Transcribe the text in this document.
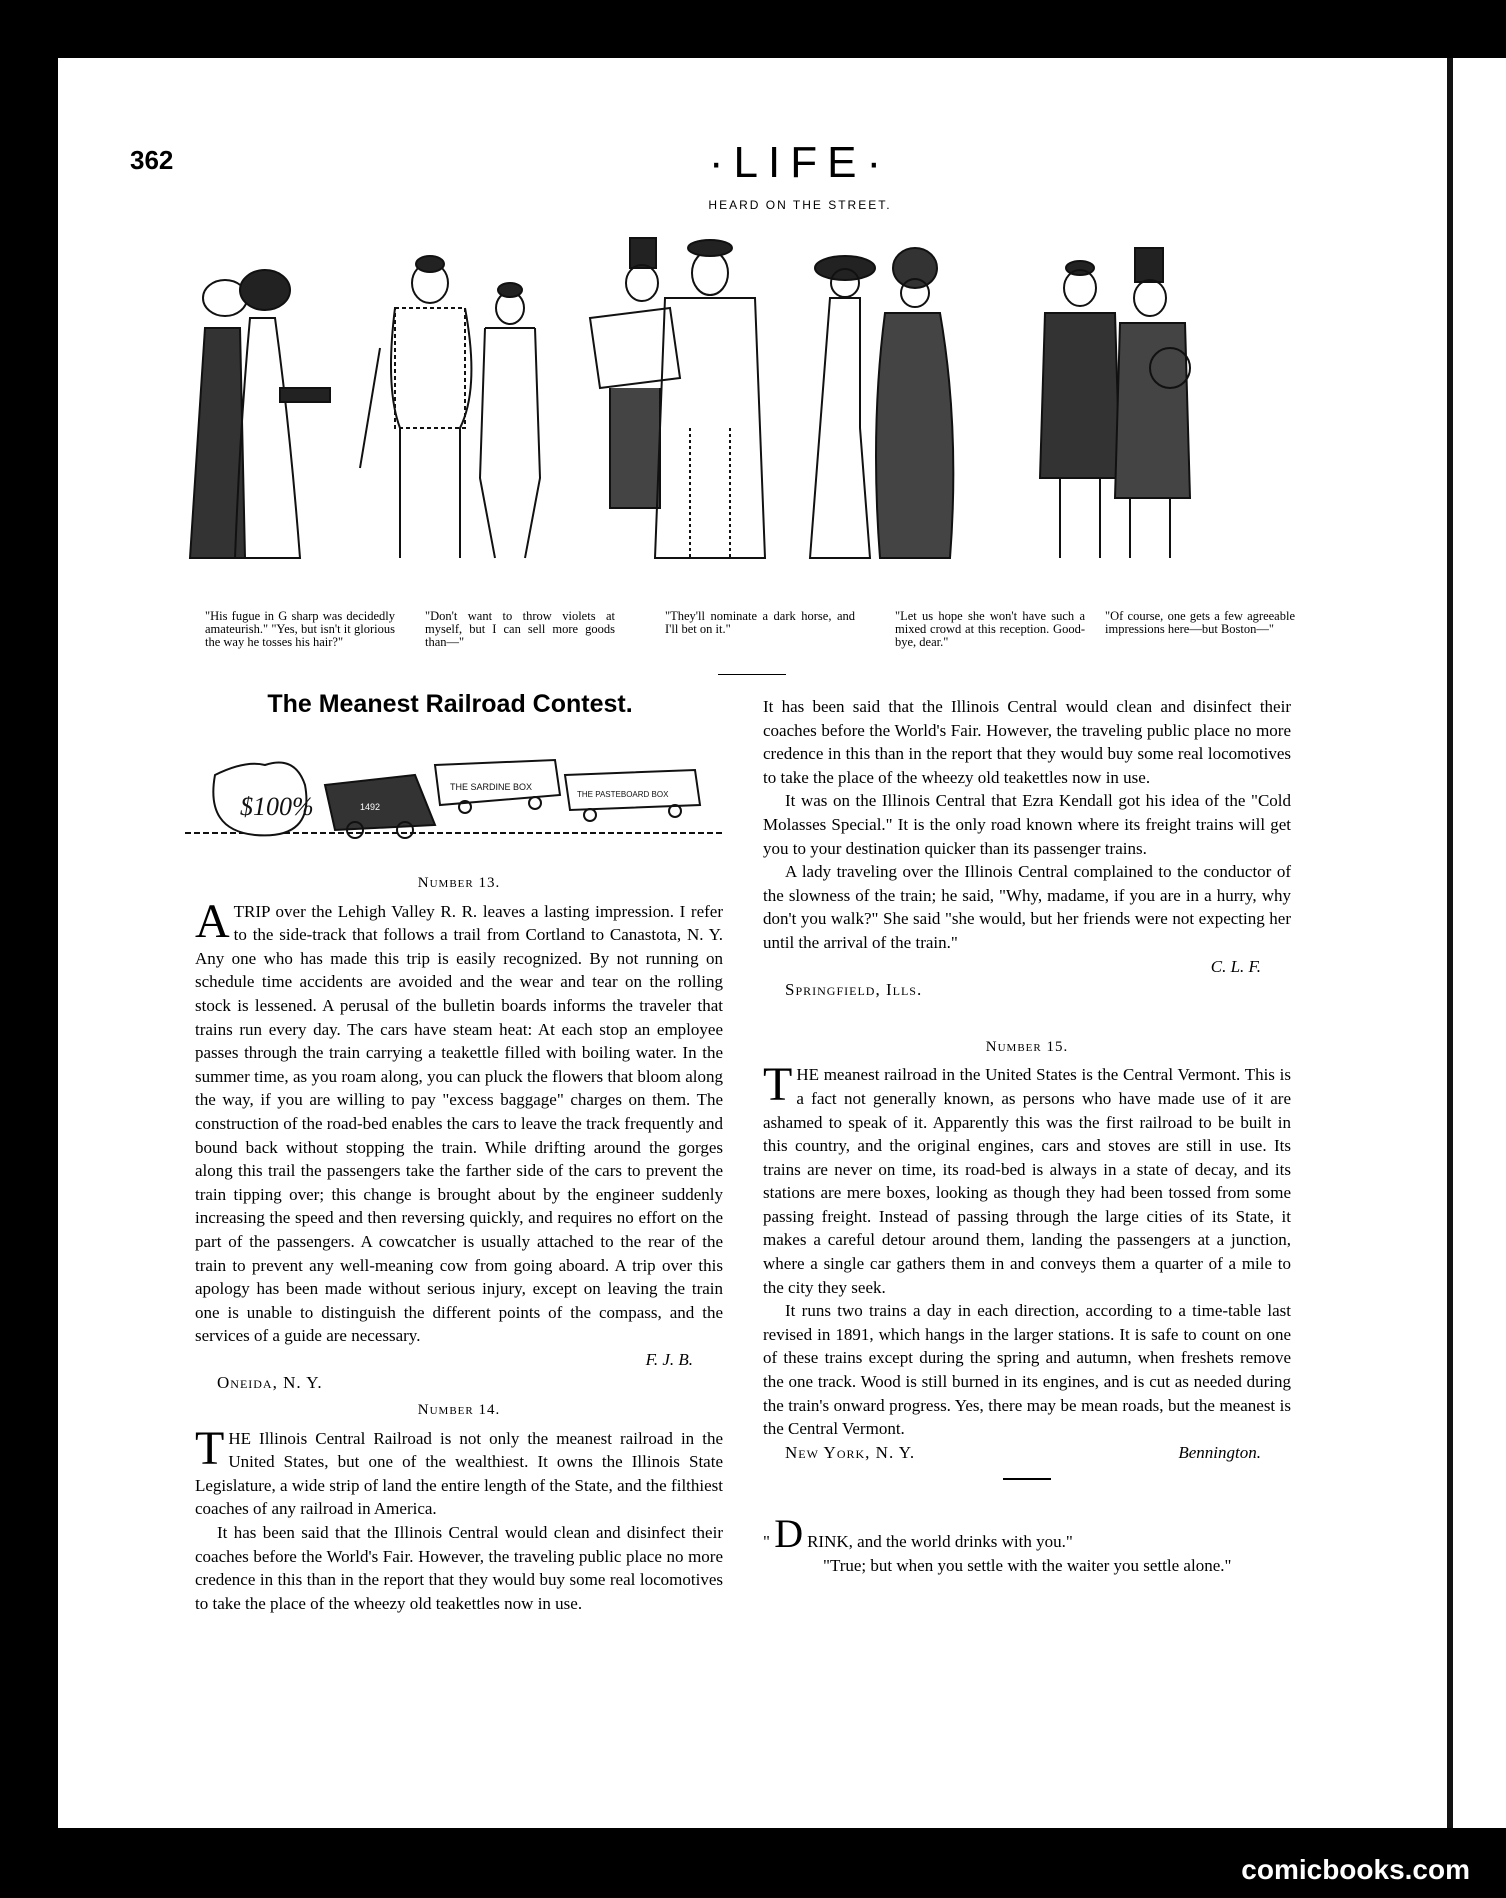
362	·LIFE·
HEARD ON THE STREET.
"His fugue in G sharp was decidedly amateurish." "Yes, but isn't it glorious the way he tosses his hair?"
"Don't want to throw violets at myself, but I can sell more goods than—"
"They'll nominate a dark horse, and I'll bet on it."
"Let us hope she won't have such a mixed crowd at this reception. Good-bye, dear."
"Of course, one gets a few agreeable impressions here—but Boston—"
The Meanest Railroad Contest.
$100%	1492
THE SARDINE BOX
THE PASTEBOARD BOX
Number 13.

A TRIP over the Lehigh Valley R. R. leaves a lasting impression. I refer to the side-track that follows a trail from Cortland to Canastota, N. Y. Any one who has made this trip is easily recognized. By not running on schedule time accidents are avoided and the wear and tear on the rolling stock is lessened. A perusal of the bulletin boards informs the traveler that trains run every day. The cars have steam heat: At each stop an employee passes through the train carrying a teakettle filled with boiling water. In the summer time, as you roam along, you can pluck the flowers that bloom along the way, if you are willing to pay "excess baggage" charges on them. The construction of the road-bed enables the cars to leave the track frequently and bound back without stopping the train. While drifting around the gorges along this trail the passengers take the farther side of the cars to prevent the train tipping over; this change is brought about by the engineer suddenly increasing the speed and then reversing quickly, and requires no effort on the part of the passengers. A cowcatcher is usually attached to the rear of the train to prevent any well-meaning cow from going aboard. A trip over this apology has been made without serious injury, except on leaving the train one is unable to distinguish the different points of the compass, and the services of a guide are necessary.

F. J. B.
Oneida, N. Y.
Number 14.

THE Illinois Central Railroad is not only the meanest railroad in the United States, but one of the wealthiest. It owns the Illinois State Legislature, a wide strip of land the entire length of the State, and the filthiest coaches of any railroad in America.

It has been said that the Illinois Central would clean and disinfect their coaches before the World's Fair. However, the traveling public place no more credence in this than in the report that they would buy some real locomotives to take the place of the wheezy old teakettles now in use.

It has been said that the Illinois Central would clean and disinfect their coaches before the World's Fair. However, the traveling public place no more credence in this than in the report that they would buy some real locomotives to take the place of the wheezy old teakettles now in use.

It was on the Illinois Central that Ezra Kendall got his idea of the "Cold Molasses Special." It is the only road known where its freight trains will get you to your destination quicker than its passenger trains.

A lady traveling over the Illinois Central complained to the conductor of the slowness of the train; he said, "Why, madame, if you are in a hurry, why don't you walk?" She said "she would, but her friends were not expecting her until the arrival of the train."

C. L. F.
Springfield, Ills.
Number 15.

THE meanest railroad in the United States is the Central Vermont. This is a fact not generally known, as persons who have made use of it are ashamed to speak of it. Apparently this was the first railroad to be built in this country, and the original engines, cars and stoves are still in use. Its trains are never on time, its road-bed is always in a state of decay, and its stations are mere boxes, looking as though they had been tossed from some passing freight. Instead of passing through the large cities of its State, it makes a careful detour around them, landing the passengers at a junction, where a single car gathers them in and conveys them a quarter of a mile to the city they seek.

It runs two trains a day in each direction, according to a time-table last revised in 1891, which hangs in the larger stations. It is safe to count on one of these trains except during the spring and autumn, when freshets remove the one track. Wood is still burned in its engines, and is cut as needed during the train's onward progress. Yes, there may be mean roads, but the meanest is the Central Vermont.

New York, N. Y.	Bennington.

" D RINK, and the world drinks with you."

"True; but when you settle with the waiter you settle alone."

comicbooks.com
